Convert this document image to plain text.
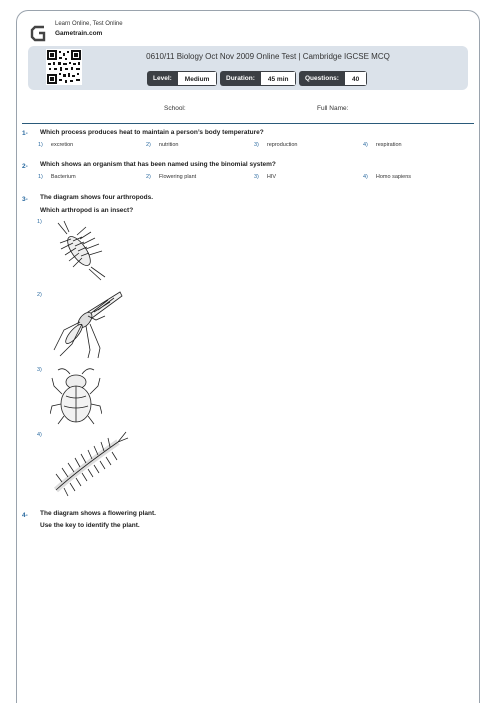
Learn Online, Test Online
Gametrain.com
0610/11 Biology Oct Nov 2009 Online Test | Cambridge IGCSE MCQ
Level:	Medium	Duration:	45 min	Questions:	40
School:	Full Name:
1- Which process produces heat to maintain a person’s body temperature?
1) excretion	2) nutrition	3) reproduction	4) respiration
2- Which shows an organism that has been named using the binomial system?
1) Bacterium	2) Flowering plant	3) HIV	4) Homo sapiens
3- The diagram shows four arthropods.
Which arthropod is an insect?
1)
2)
3)
4)
4- The diagram shows a flowering plant.
Use the key to identify the plant.
